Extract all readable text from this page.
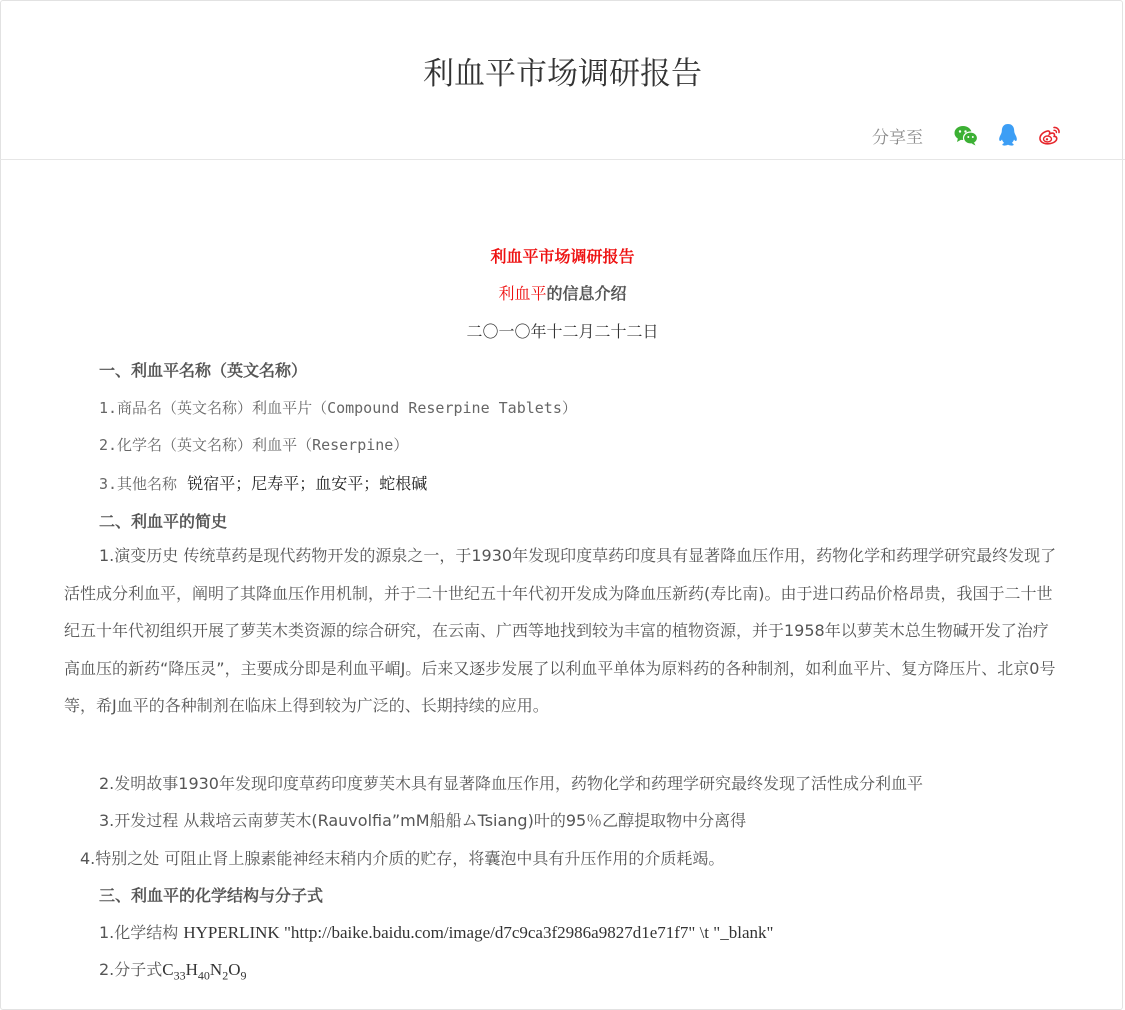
利血平市场调研报告
分享至
利血平市场调研报告
利血平的信息介绍
二〇一〇年十二月二十二日
一、利血平名称（英文名称）
1.商品名（英文名称）利血平片（Compound Reserpine Tablets）
2.化学名（英文名称）利血平（Reserpine）
3.其他名称 锐宿平；尼寿平；血安平；蛇根碱
二、利血平的简史

1.演变历史 传统草药是现代药物开发的源泉之一，于1930年发现印度草药印度具有显著降血压作用，药物化学和药理学研究最终发现了活性成分利血平，阐明了其降血压作用机制，并于二十世纪五十年代初开发成为降血压新药(寿比南)。由于进口药品价格昂贵，我国于二十世纪五十年代初组织开展了萝芙木类资源的综合研究，在云南、广西等地找到较为丰富的植物资源，并于1958年以萝芙木总生物碱开发了治疗高血压的新药“降压灵”，主要成分即是利血平嵋J。后来又逐步发展了以利血平单体为原料药的各种制剂，如利血平片、复方降压片、北京0号等，希J血平的各种制剂在临床上得到较为广泛的、长期持续的应用。

2.发明故事1930年发现印度草药印度萝芙木具有显著降血压作用，药物化学和药理学研究最终发现了活性成分利血平
3.开发过程 从栽培云南萝芙木(Rauvolfia”mM船船ムTsiang)叶的95％乙醇提取物中分离得
4.特别之处 可阻止肾上腺素能神经末稍内介质的贮存，将囊泡中具有升压作用的介质耗竭。
三、利血平的化学结构与分子式
1.化学结构 HYPERLINK "http://baike.baidu.com/image/d7c9ca3f2986a9827d1e71f7" \t "_blank"
2.分子式$C_{33}H_{40}N_2O_9$
